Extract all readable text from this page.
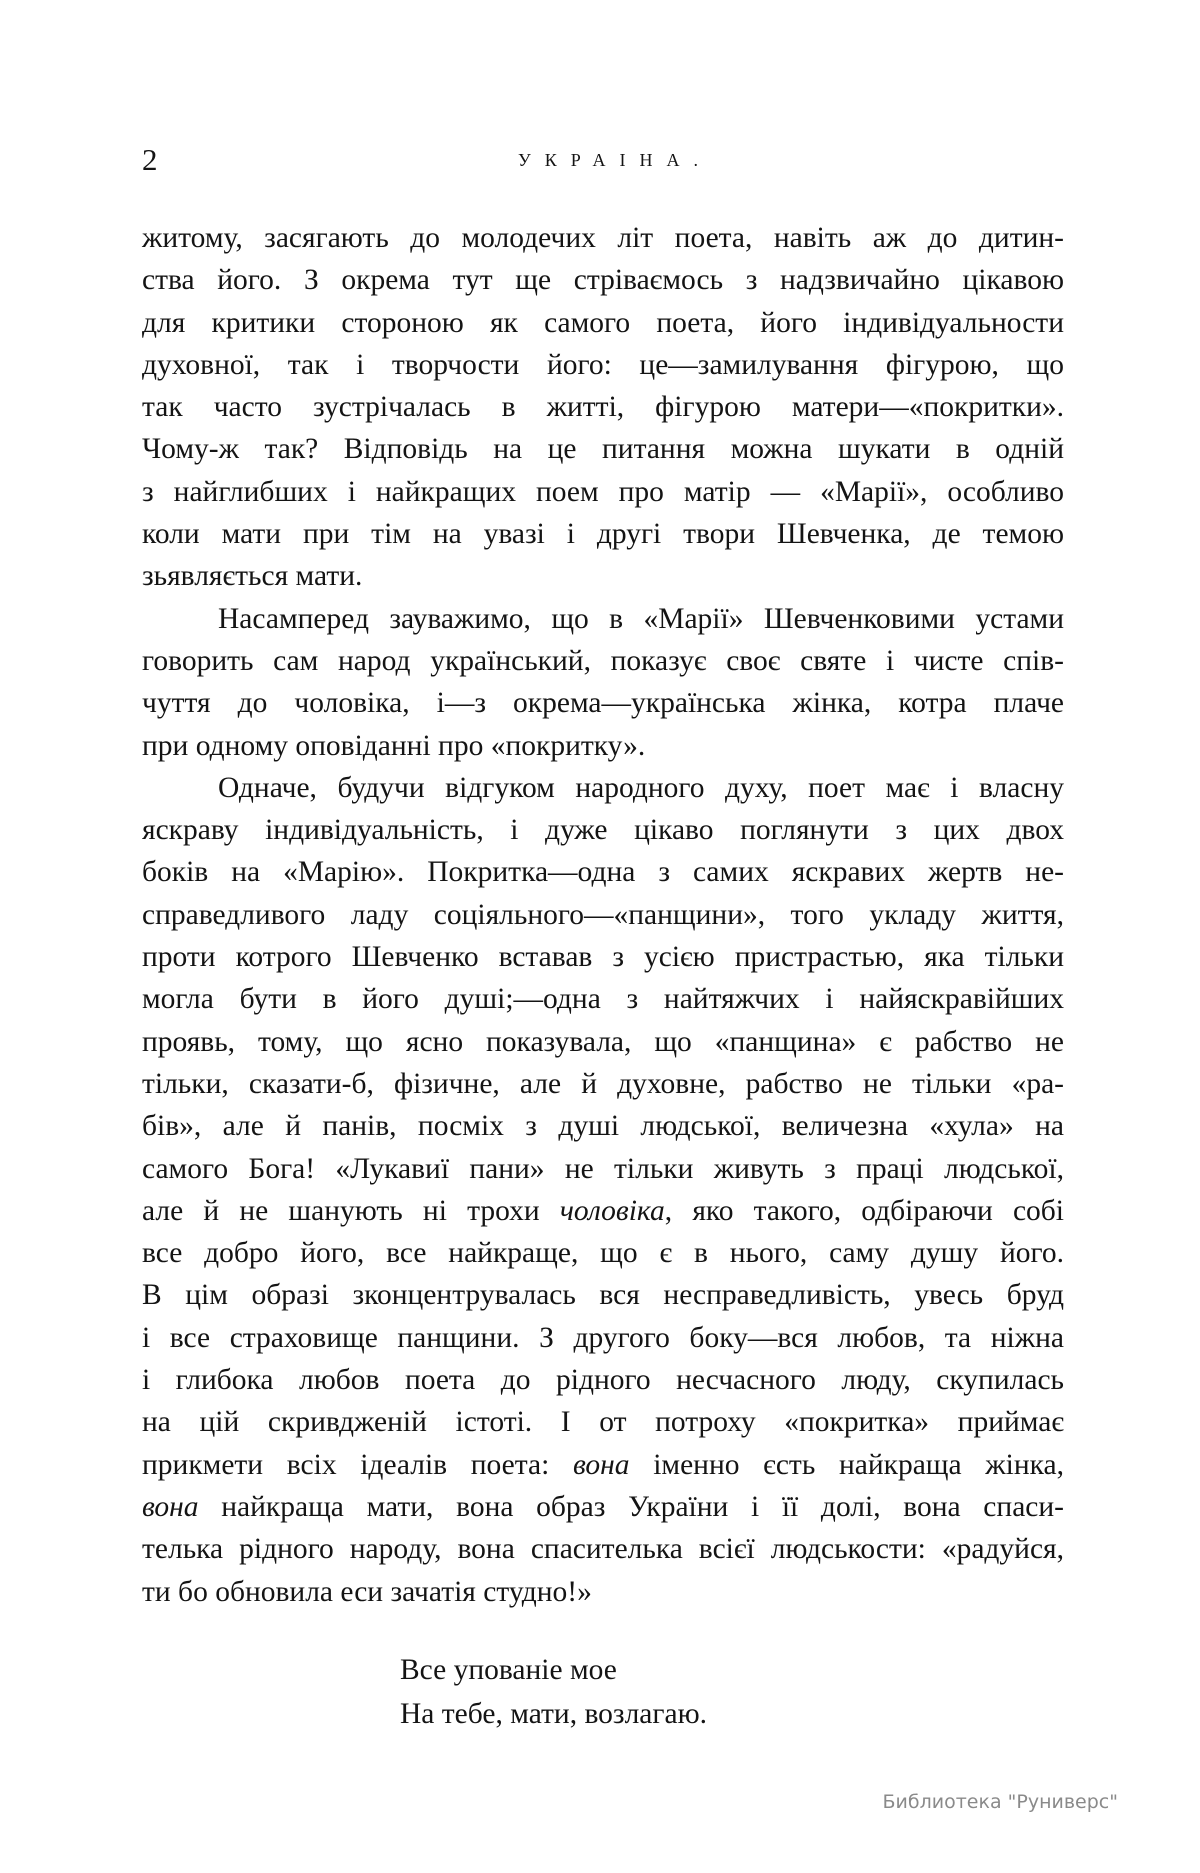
2	УКРАІНА.

житому, засягають до молодечих літ поета, навіть аж до дитин-
ства його. З окрема тут ще стріваємось з надзвичайно цікавою
для критики стороною як самого поета, його індивідуальности
духовної, так і творчости його: це—замилування фігурою, що
так часто зустрічалась в житті, фігурою матери—«покритки».
Чому-ж так? Відповідь на це питання можна шукати в одній
з найглибших і найкращих поем про матір — «Марії», особливо
коли мати при тім на увазі і другі твори Шевченка, де темою
зьявляється мати.

Насамперед зауважимо, що в «Марії» Шевченковими устами
говорить сам народ український, показує своє святе і чисте спів-
чуття до чоловіка, і—з окрема—українська жінка, котра плаче
при одному оповіданні про «покритку».

Одначе, будучи відгуком народного духу, поет має і власну
яскраву індивідуальність, і дуже цікаво поглянути з цих двох
боків на «Марію». Покритка—одна з самих яскравих жертв не-
справедливого ладу соціяльного—«панщини», того укладу життя,
проти котрого Шевченко вставав з усією пристрастью, яка тільки
могла бути в його душі;—одна з найтяжчих і найяскравійших
проявь, тому, що ясно показувала, що «панщина» є рабство не
тільки, сказати-б, фізичне, але й духовне, рабство не тільки «ра-
бів», але й панів, посміх з душі людської, величезна «хула» на
самого Бога! «Лукавиї пани» не тільки живуть з праці людської,
але й не шанують ні трохи чоловіка, яко такого, одбіраючи собі
все добро його, все найкраще, що є в нього, саму душу його.
В цім образі зконцентрувалась вся несправедливість, увесь бруд
і все страховище панщини. З другого боку—вся любов, та ніжна
і глибока любов поета до рідного несчасного люду, скупилась
на цій скривдженій істоті. І от потроху «покритка» приймає
прикмети всіх ідеалів поета: вона іменно єсть найкраща жінка,
вона найкраща мати, вона образ України і її долі, вона спаси-
телька рідного народу, вона спасителька всієї людськости: «радуйся,
ти бо обновила еси зачатія студно!»

Все упованіе мое
На тебе, мати, возлагаю.
Библиотека "Руниверс"
